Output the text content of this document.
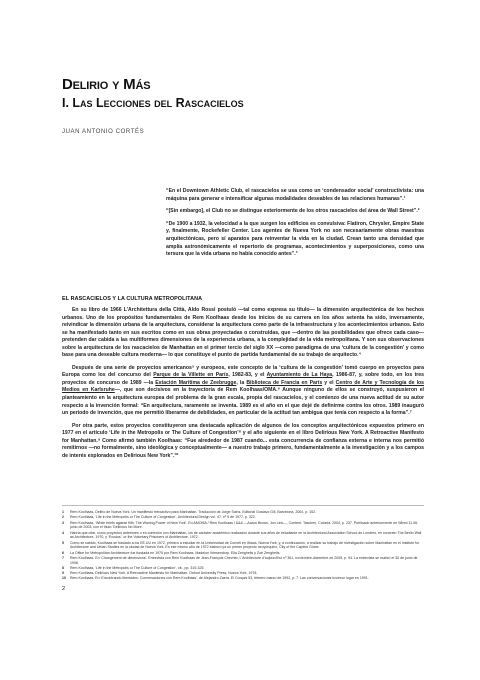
Delirio y Más
I. Las Lecciones del Rascacielos
JUAN ANTONIO CORTÉS

“En el Downtown Athletic Club, el rascacielos se usa como un ‘condensador social’ constructivista: una máquina para generar e intensificar algunas modalidades deseables de las relaciones humanas”.¹

“[Sin embargo], el Club no se distingue exteriormente de los otros rascacielos del área de Wall Street”.²

“De 1900 a 1932, la velocidad a la que surgen los edificios es convulsiva: Flatiron, Chrysler, Empire State y, finalmente, Rockefeller Center. Los agentes de Nueva York no son necesariamente obras maestras arquitectónicas, pero sí aparatos para reinventar la vida en la ciudad. Crean tanto una densidad que amplía astronómicamente el repertorio de programas, acontecimientos y superposiciones, como una tersura que la vida urbana no había conocido antes”.³

EL RASCACIELOS Y LA CULTURA METROPOLITANA

En su libro de 1966 L’Architettura della Città, Aldo Rossi postuló —tal como expresa su título— la dimensión arquitectónica de los hechos urbanos. Uno de los propósitos fundamentales de Rem Koolhaas desde los inicios de su carrera en los años setenta ha sido, inversamente, reivindicar la dimensión urbana de la arquitectura, considerar la arquitectura como parte de la infraestructura y los acontecimientos urbanos. Esto se ha manifestado tanto en sus escritos como en sus obras proyectadas o construidas, que —dentro de las posibilidades que ofrece cada caso— pretenden dar cabida a las multiformes dimensiones de la experiencia urbana, a la complejidad de la vida metropolitana. Y son sus observaciones sobre la arquitectura de los rascacielos de Manhattan en el primer tercio del siglo XX —como paradigma de una ‘cultura de la congestión’ y como base para una deseable cultura moderna— lo que constituye el punto de partida fundamental de su trabajo de arquitecto.⁴

Después de una serie de proyectos americanos⁵ y europeos, este concepto de la ‘cultura de la congestión’ tomó cuerpo en proyectos para Europa como los del concurso del Parque de la Villette en París, 1982-83, y el Ayuntamiento de La Haya, 1986-87, y, sobre todo, en los tres proyectos de concurso de 1989 —la Estación Marítima de Zeebrugge, la Biblioteca de Francia en París y el Centro de Arte y Tecnología de los Medios en Karlsruhe—, que son decisivos en la trayectoria de Rem Koolhaas/OMA.⁶ Aunque ninguno de ellos se construyó, suspusieron el planteamiento en la arquitectura europea del problema de la gran escala, propia del rascacielos, y el comienzo de una nueva actitud de su autor respecto a la invención formal: “En arquitectura, raramente se inventa. 1989 es el año en el que dejé de definirme contra los otros. 1989 inauguró un periodo de invención, que me permitió liberarme de debilidades, en particular de la actitud tan ambigua que tenía con respecto a la forma”.⁷

Por otra parte, estos proyectos constituyeron una destacada aplicación de algunos de los conceptos arquitectónicos expuestos primero en 1977 en el artículo ‘Life in the Metropolis or The Culture of Congestion’⁸ y el año siguiente en el libro Delirious New York. A Retroactive Manifesto for Manhattan.⁹ Como afirmó también Koolhaas: “Fue alrededor de 1987 cuando... esta concurrencia de confianza externa e interna nos permitió remitirnos —no formalmente, sino ideológica y conceptualmente— a nuestro trabajo primero, fundamentalmente a la investigación y a los campos de interés explorados en Delirious New York”.¹⁰

1	Rem Koolhaas, Delirio de Nueva York. Un manifiesto retroactivo para Manhattan. Traducción de Jorge Sainz. Editorial Gustavo Gili, Barcelona, 2004, p. 152.
2	Rem Koolhaas, ‘Life in the Metropolis or The Culture of Congestion’, Architectural Design vol. 47, nº 5 de 1977, p. 322.
3	Rem Koolhaas, ‘White briefs against filth. The Waning Power of New York’. En AMOMA / Rem Koolhaas / &&& —Aaron Brown, Jon Link—, Content. Taschen, Colonia, 2004, p. 237. Publicado anteriormente en Wired 11.06, junio de 2003, con el título ‘Delirious No More’.
4	Habría que citar, como proyectos anteriores o en conexión con Manhattan, los de carácter académico realizados durante sus años de estudiante en la Architectural Association School de Londres, en concreto The Berlin Wall as Architecture, 1970, y ‘Exodus’, or the Voluntary Prisoners of Architecture, 1972.
5	Como se sabido, Koolhaas se trasladó a los EE.UU en 1972, primero a estudiar en la Universidad de Cornell en Ithaca, Nueva York, y, a continuación, a realizar su trabajo de investigación sobre Manhattan en el Institute for Architecture and Urban Studies en la ciudad de Nueva York. En ese mismo año de 1972 elaboró ya un primer proyecto neoyorquino, City of the Captive Globe.
6	La Office for Metropolitan Architecture fue fundada en 1975 por Rem Koolhaas, Madelon Vriesendorp, Elia Zenghelis y Zoé Zenghelis.
7	Rem Koolhaas. En ‘Changement de dimensions’. Entrevista con Rem Koolhaas de Jean-François Chevrier, L’Architecture d’aujourd’hui nº 361, noviembre-diciembre de 2005, p. 94. La entrevista se realizó el 30 de junio de 1998.
8	Rem Koolhaas, ‘Life in the Metropolis or The Culture of Congestion’, cit., pp. 319-325.
9	Rem Koolhaas, Delirious New York. A Retroactive Manifesto for Manhattan. Oxford University Press, Nueva York, 1978.
10	Rem Koolhaas. En ‘Encontrando libertades: Conversaciones con Rem Koolhaas’, de Alejandro Zaera. El Croquis 53, febrero-marzo de 1992, p. 7. Las conversaciones tuvieron lugar en 1991.
2
